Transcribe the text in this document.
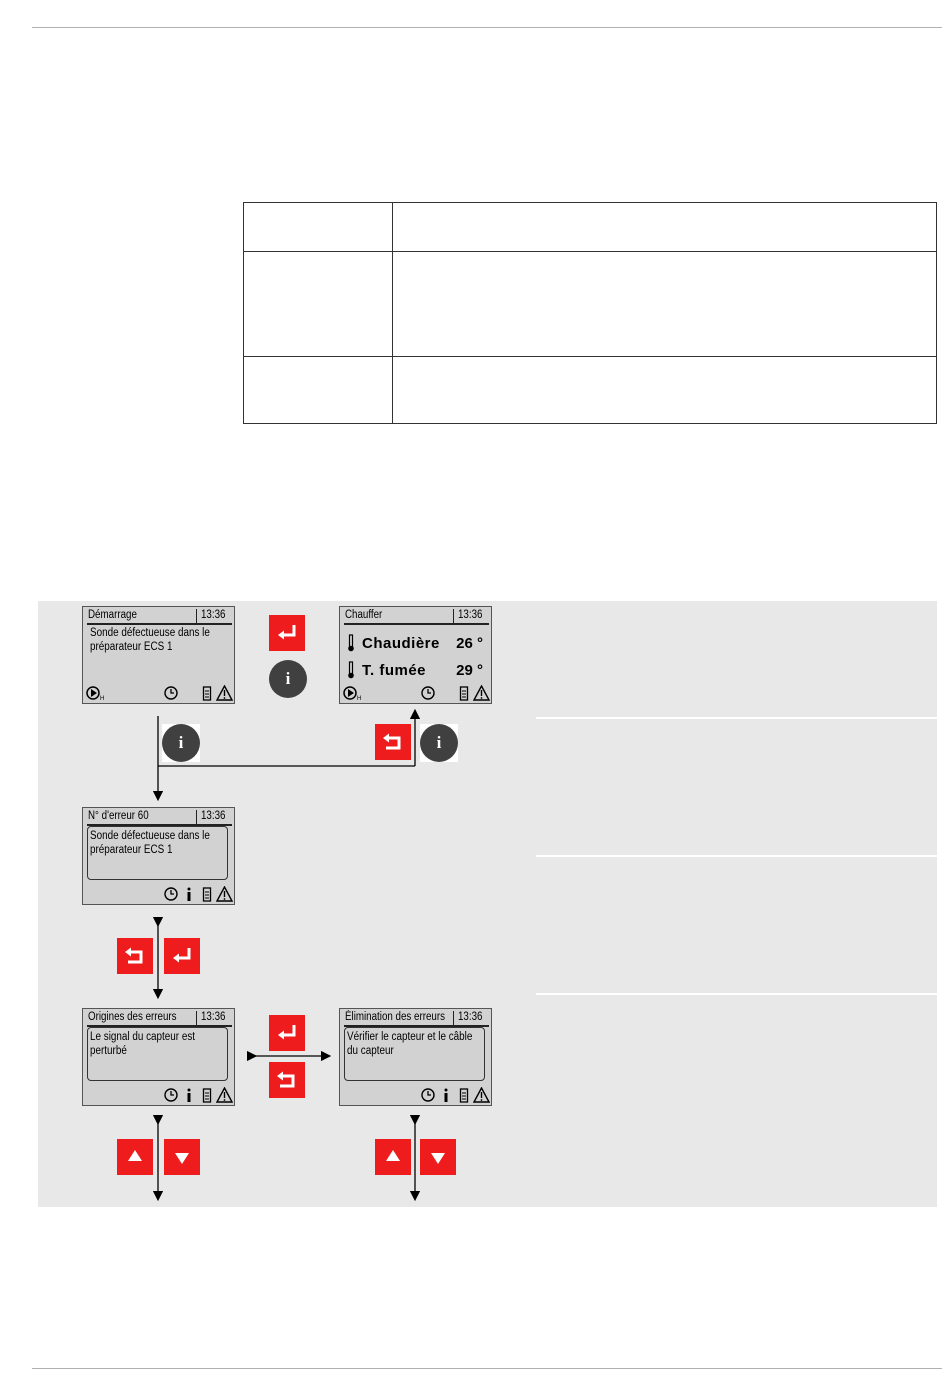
Démarrage	13:36
Sonde défectueuse dans le préparateur ECS 1
H
Chauffer	13:36
Chaudière 26 °
T. fumée 29 °
H
N° d'erreur 60	13:36
Sonde défectueuse dans le préparateur ECS 1
Origines des erreurs	13:36
Le signal du capteur est perturbé
Élimination des erreurs	13:36
Vérifier le capteur et le câble du capteur
i
i	i
